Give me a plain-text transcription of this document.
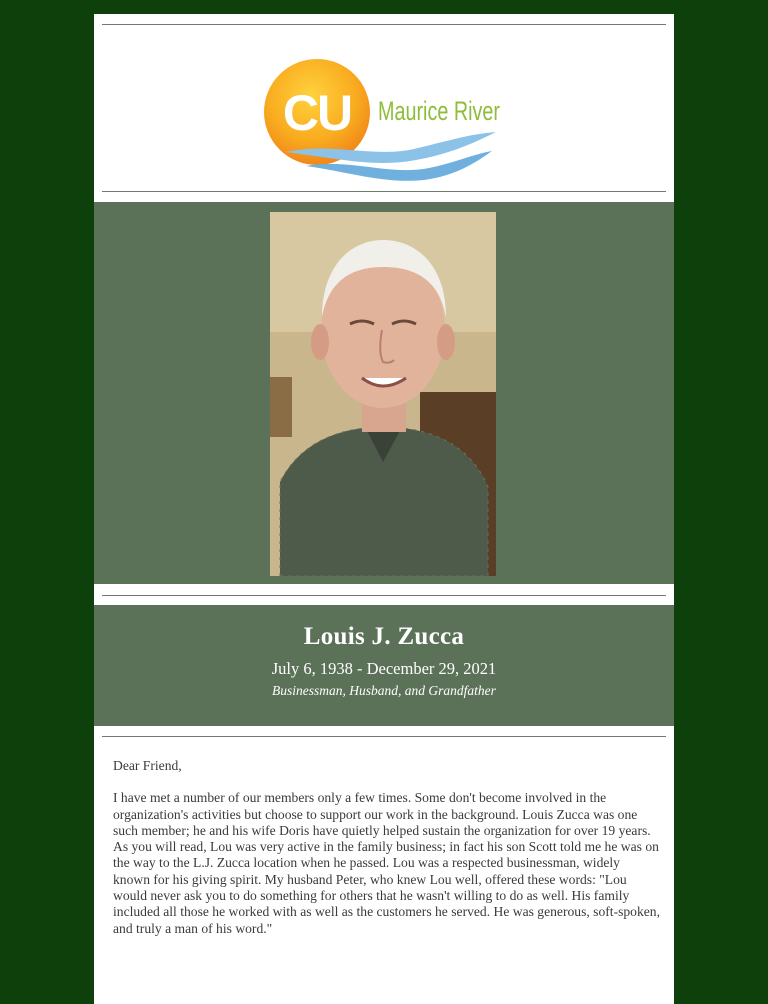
CU Maurice River
Louis J. Zucca
July 6, 1938 - December 29, 2021
Businessman, Husband, and Grandfather

Dear Friend,

I have met a number of our members only a few times. Some don't become involved in the organization's activities but choose to support our work in the background. Louis Zucca was one such member; he and his wife Doris have quietly helped sustain the organization for over 19 years. As you will read, Lou was very active in the family business; in fact his son Scott told me he was on the way to the L.J. Zucca location when he passed. Lou was a respected businessman, widely known for his giving spirit. My husband Peter, who knew Lou well, offered these words: "Lou would never ask you to do something for others that he wasn't willing to do as well. His family included all those he worked with as well as the customers he served. He was generous, soft-spoken, and truly a man of his word."
